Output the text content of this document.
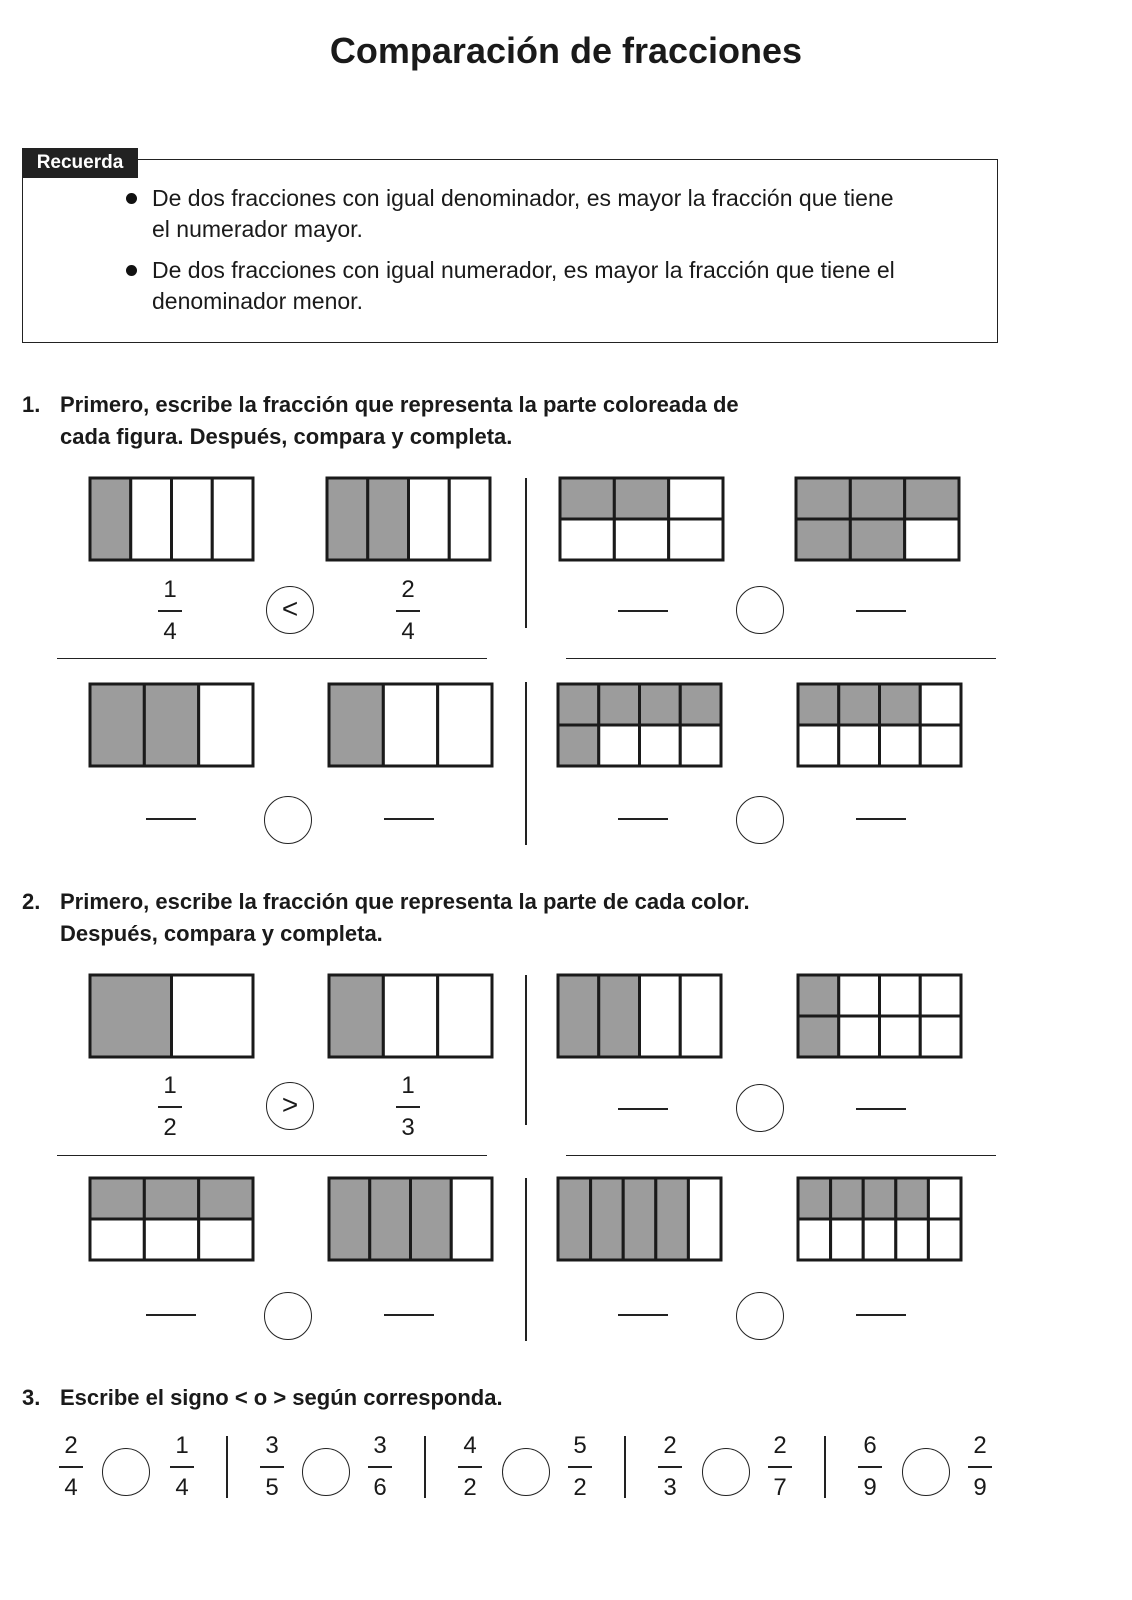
Comparación de fracciones
Recuerda
De dos fracciones con igual denominador, es mayor la fracción que tiene el numerador mayor.
De dos fracciones con igual numerador, es mayor la fracción que tiene el denominador menor.
1. Primero, escribe la fracción que representa la parte coloreada de cada figura. Después, compara y completa.
2. Primero, escribe la fracción que representa la parte de cada color. Después, compara y completa.
3. Escribe el signo < o > según corresponda.
1
4
<
2
4
1
2
>
1
3
2
4
1
4
3
5
3
6
4
2
5
2
2
3
2
7
6
9
2
9
